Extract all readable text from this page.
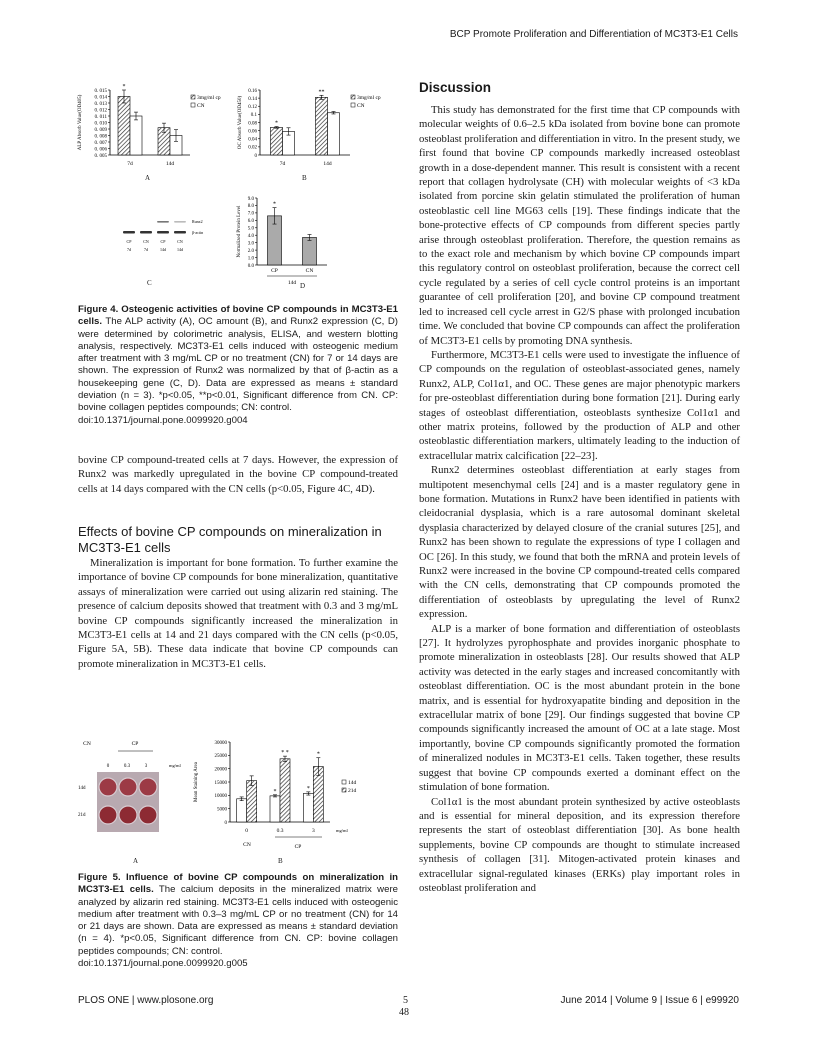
BCP Promote Proliferation and Differentiation of MC3T3-E1 Cells
0. 005
0. 006
0. 007
0. 008
0. 009
0. 010
0. 011
0. 012
0. 013
0. 014
0. 015
ALP Absorb Value(OD405)
7d
*
14d
3mg/ml cp
CN
0
0.02
0.04
0.06
0.08
0.1
0.12
0.14
0.16
OC Absorb Value(OD450)
7d
*
14d
**
3mg/ml cp
CN
CP
7d
CN
7d
CP
14d
CN
14d
Runx2
β-actin
0.0
1.0
2.0
3.0
4.0
5.0
6.0
7.0
8.0
9.0
Normalized Protein Level
CP
*
CN
14d
A	B
C	D
Figure 4. Osteogenic activities of bovine CP compounds in MC3T3-E1 cells. The ALP activity (A), OC amount (B), and Runx2 expression (C, D) were determined by colorimetric analysis, ELISA, and western blotting analysis, respectively. MC3T3-E1 cells induced with osteogenic medium after treatment with 3 mg/mL CP or no treatment (CN) for 7 or 14 days are shown. The expression of Runx2 was normalized by that of β-actin as a housekeeping gene (C, D). Data are expressed as means ± standard deviation (n = 3). *p<0.05, **p<0.01, Significant difference from CN. CP: bovine collagen peptides compounds; CN: control.
doi:10.1371/journal.pone.0099920.g004

bovine CP compound-treated cells at 7 days. However, the expression of Runx2 was markedly upregulated in the bovine CP compound-treated cells at 14 days compared with the CN cells (p<0.05, Figure 4C, 4D).

Effects of bovine CP compounds on mineralization in MC3T3-E1 cells

Mineralization is important for bone formation. To further examine the importance of bovine CP compounds for bone mineralization, quantitative assays of mineralization were carried out using alizarin red staining. The presence of calcium deposits showed that treatment with 0.3 and 3 mg/mL bovine CP compounds significantly increased the mineralization in MC3T3-E1 cells at 14 and 21 days compared with the CN cells (p<0.05, Figure 5A, 5B). These data indicate that bovine CP compounds can promote mineralization in MC3T3-E1 cells.

CN	CP
0	0.3	3	mg/ml
14d
21d
0
5000
10000
15000
20000
25000
30000
Mean Staining Area
0	0.3
*
* *
3
*
*
14d
21d
mg/ml
CN	CP
A	B
Figure 5. Influence of bovine CP compounds on mineralization in MC3T3-E1 cells. The calcium deposits in the mineralized matrix were analyzed by alizarin red staining. MC3T3-E1 cells induced with osteogenic medium after treatment with 0.3–3 mg/mL CP or no treatment (CN) for 14 or 21 days are shown. Data are expressed as means ± standard deviation (n = 4). *p<0.05, Significant difference from CN. CP: bovine collagen peptides compounds; CN: control.
doi:10.1371/journal.pone.0099920.g005
Discussion

This study has demonstrated for the first time that CP compounds with molecular weights of 0.6–2.5 kDa isolated from bovine bone can promote osteoblast proliferation and differentiation in vitro. In the present study, we first found that bovine CP compounds markedly increased osteoblast growth in a dose-dependent manner. This result is consistent with a recent report that collagen hydrolysate (CH) with molecular weights of <3 kDa isolated from porcine skin gelatin stimulated the proliferation of human osteoblastic cell line MG63 cells [19]. These findings indicate that the bone-protective effects of CP compounds from different species partly arise through osteoblast proliferation. Therefore, the question remains as to the exact role and mechanism by which bovine CP compounds impart this regulatory control on osteoblast proliferation, because the correct cell cycle regulated by a series of cell cycle control proteins is an important guarantee of cell proliferation [20], and bovine CP compound treatment led to increased cell cycle arrest in G2/S phase with prolonged incubation time. We concluded that bovine CP compounds can affect the proliferation of MC3T3-E1 cells by promoting DNA synthesis.

Furthermore, MC3T3-E1 cells were used to investigate the influence of CP compounds on the regulation of osteoblast-associated genes, namely Runx2, ALP, Col1α1, and OC. These genes are major phenotypic markers for pre-osteoblast differentiation during bone formation [21]. During early stages of osteoblast differentiation, osteoblasts synthesize Col1α1 and other matrix proteins, followed by the production of ALP and other osteoblastic differentiation markers, ultimately leading to the induction of extracellular matrix calcification [22–23].

Runx2 determines osteoblast differentiation at early stages from multipotent mesenchymal cells [24] and is a master regulatory gene in bone formation. Mutations in Runx2 have been identified in patients with cleidocranial dysplasia, which is a rare autosomal dominant skeletal dysplasia characterized by delayed closure of the cranial sutures [25], and Runx2 has been shown to regulate the expressions of type I collagen and OC [26]. In this study, we found that both the mRNA and protein levels of Runx2 were increased in the bovine CP compound-treated cells compared with the CN cells, demonstrating that CP compounds promoted the differentiation of osteoblasts by upregulating the level of Runx2 expression.

ALP is a marker of bone formation and differentiation of osteoblasts [27]. It hydrolyzes pyrophosphate and provides inorganic phosphate to promote mineralization in osteoblasts [28]. Our results showed that ALP activity was detected in the early stages and increased concomitantly with osteoblast differentiation. OC is the most abundant protein in the bone matrix, and is essential for hydroxyapatite binding and deposition in the extracellular matrix of bone [29]. Our findings suggested that bovine CP compounds significantly increased the amount of OC at a late stage. Most importantly, bovine CP compounds significantly promoted the formation of mineralized nodules in MC3T3-E1 cells. Taken together, these results suggest that bovine CP compounds exerted a dominant effect on the stimulation of bone formation.

Col1α1 is the most abundant protein synthesized by active osteoblasts and is essential for mineral deposition, and its expression therefore represents the start of osteoblast differentiation [30]. As bone health supplements, bovine CP compounds are thought to stimulate increased synthesis of collagen [31]. Mitogen-activated protein kinases and extracellular signal-regulated kinases (ERKs) play important roles in osteoblast proliferation and

PLOS ONE | www.plosone.org	5
48
June 2014 | Volume 9 | Issue 6 | e99920
